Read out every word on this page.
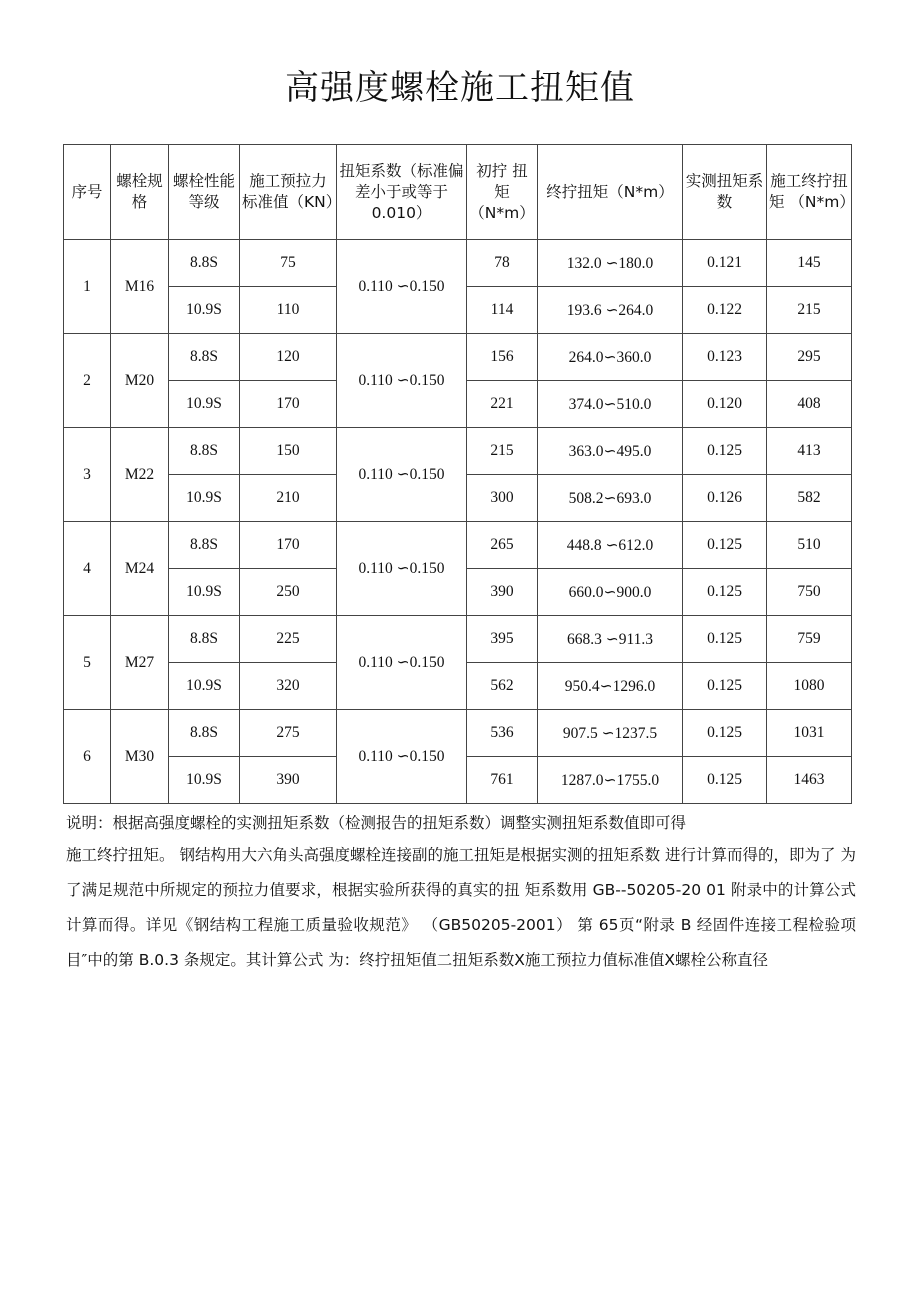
高强度螺栓施工扭矩值
序号	螺栓规格	螺栓性能等级	施工预拉力标准值（KN）	扭矩系数（标准偏差小于或等于0.010）	初拧 扭矩 （N*m）	终拧扭矩（N*m）	实测扭矩系数	施工终拧扭矩 （N*m）
1	M16	8.8S	75	0.110 ∽0.150	78	132.0 ∽180.0	0.121	145
		10.9S	110		114	193.6 ∽264.0	0.122	215
2	M20	8.8S	120	0.110 ∽0.150	156	264.0∽360.0	0.123	295
		10.9S	170		221	374.0∽510.0	0.120	408
3	M22	8.8S	150	0.110 ∽0.150	215	363.0∽495.0	0.125	413
		10.9S	210		300	508.2∽693.0	0.126	582
4	M24	8.8S	170	0.110 ∽0.150	265	448.8 ∽612.0	0.125	510
		10.9S	250		390	660.0∽900.0	0.125	750
5	M27	8.8S	225	0.110 ∽0.150	395	668.3 ∽911.3	0.125	759
		10.9S	320		562	950.4∽1296.0	0.125	1080
6	M30	8.8S	275	0.110 ∽0.150	536	907.5 ∽1237.5	0.125	1031
		10.9S	390		761	1287.0∽1755.0	0.125	1463

说明：根据高强度螺栓的实测扭矩系数（检测报告的扭矩系数）调整实测扭矩系数值即可得

施工终拧扭矩。 钢结构用大六角头高强度螺栓连接副的施工扭矩是根据实测的扭矩系数 进行计算而得的，即为了 为了满足规范中所规定的预拉力值要求，根据实验所获得的真实的扭 矩系数用 GB--50205-20 01 附录中的计算公式计算而得。详见《钢结构工程施工质量验收规范》 （GB50205-2001） 第 65页“附录 B 经固件连接工程检验项目″中的第 B.0.3 条规定。其计算公式 为：终拧扭矩值二扭矩系数X施工预拉力值标准值X螺栓公称直径
